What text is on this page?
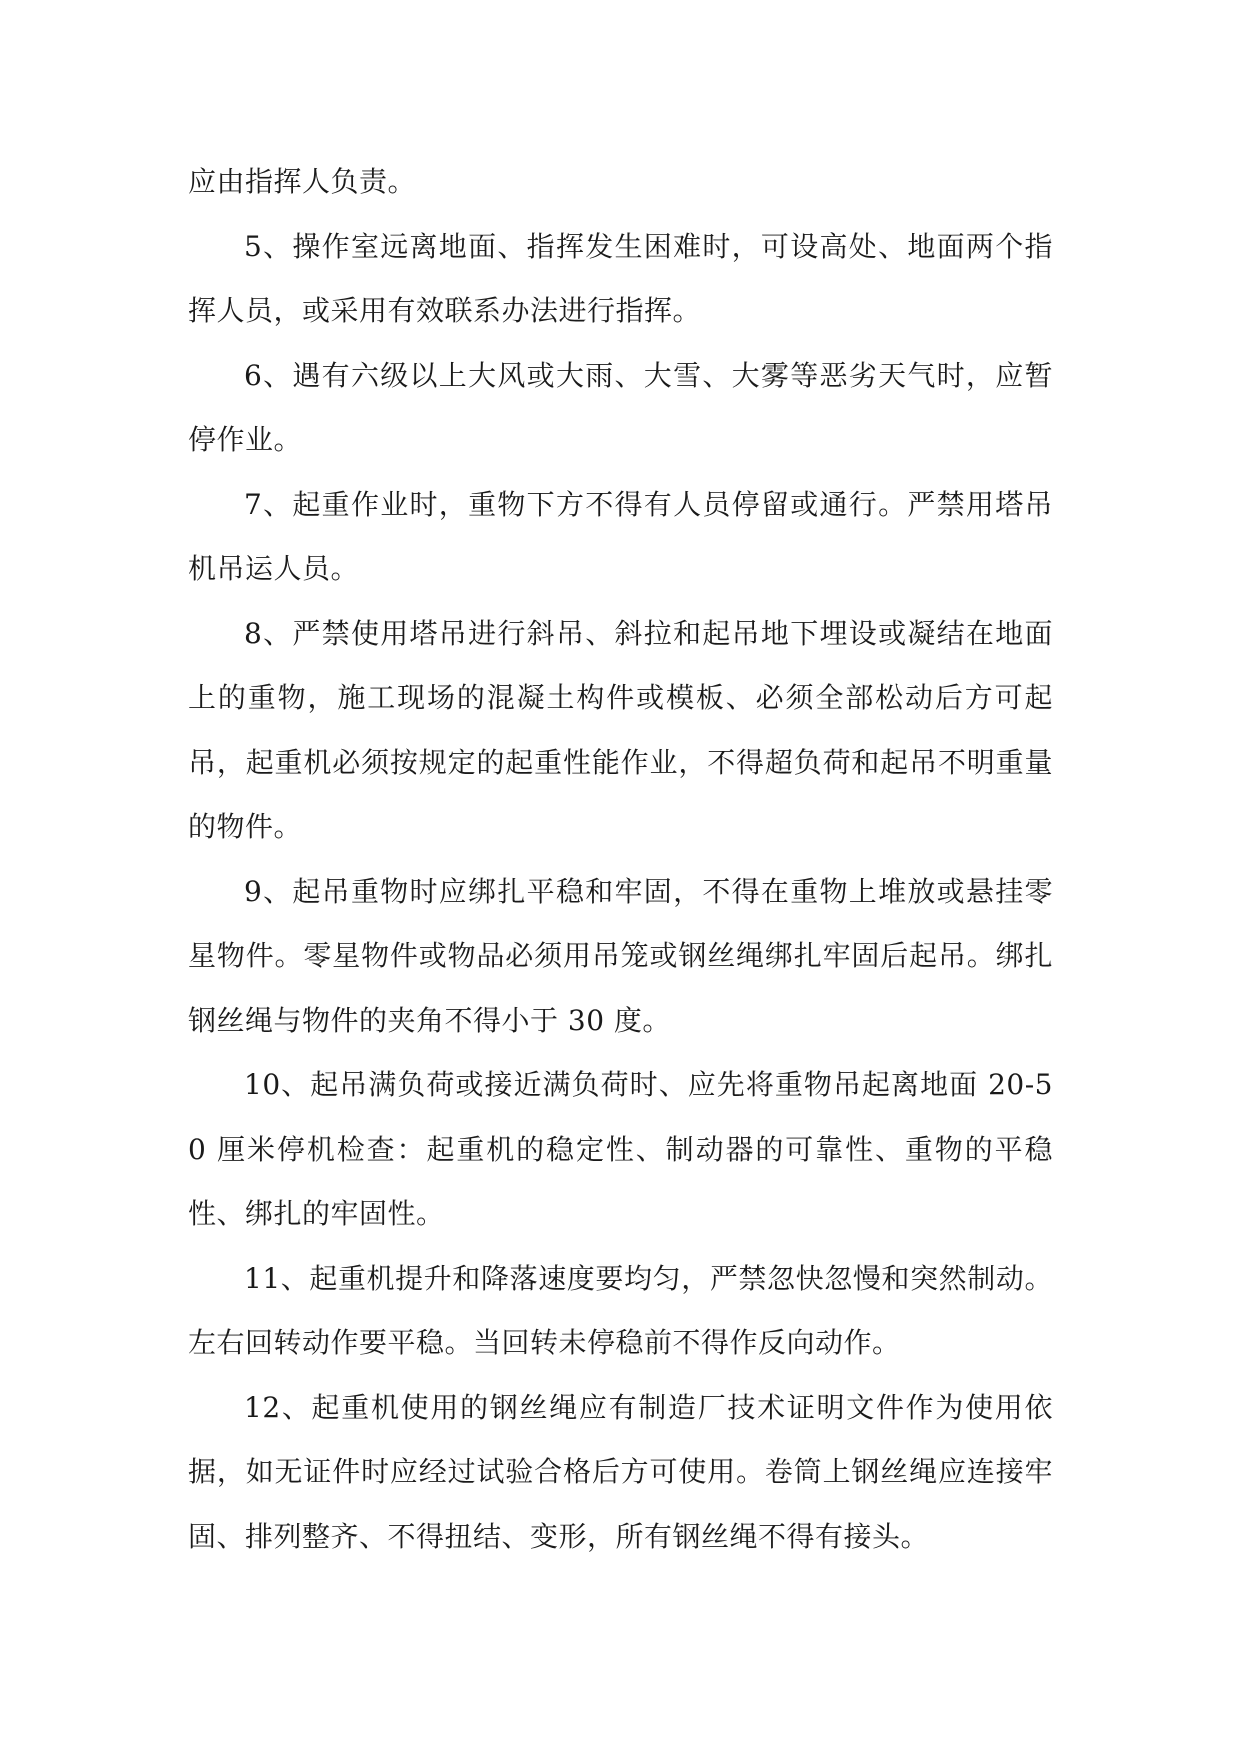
应由指挥人负责。

5、操作室远离地面、指挥发生困难时，可设高处、地面两个指挥人员，或采用有效联系办法进行指挥。

6、遇有六级以上大风或大雨、大雪、大雾等恶劣天气时，应暂停作业。

7、起重作业时，重物下方不得有人员停留或通行。严禁用塔吊机吊运人员。

8、严禁使用塔吊进行斜吊、斜拉和起吊地下埋设或凝结在地面上的重物，施工现场的混凝土构件或模板、必须全部松动后方可起吊，起重机必须按规定的起重性能作业，不得超负荷和起吊不明重量的物件。

9、起吊重物时应绑扎平稳和牢固，不得在重物上堆放或悬挂零星物件。零星物件或物品必须用吊笼或钢丝绳绑扎牢固后起吊。绑扎钢丝绳与物件的夹角不得小于 30 度。

10、起吊满负荷或接近满负荷时、应先将重物吊起离地面 20-50 厘米停机检查：起重机的稳定性、制动器的可靠性、重物的平稳性、绑扎的牢固性。

11、起重机提升和降落速度要均匀，严禁忽快忽慢和突然制动。左右回转动作要平稳。当回转未停稳前不得作反向动作。

12、起重机使用的钢丝绳应有制造厂技术证明文件作为使用依据，如无证件时应经过试验合格后方可使用。卷筒上钢丝绳应连接牢固、排列整齐、不得扭结、变形，所有钢丝绳不得有接头。
